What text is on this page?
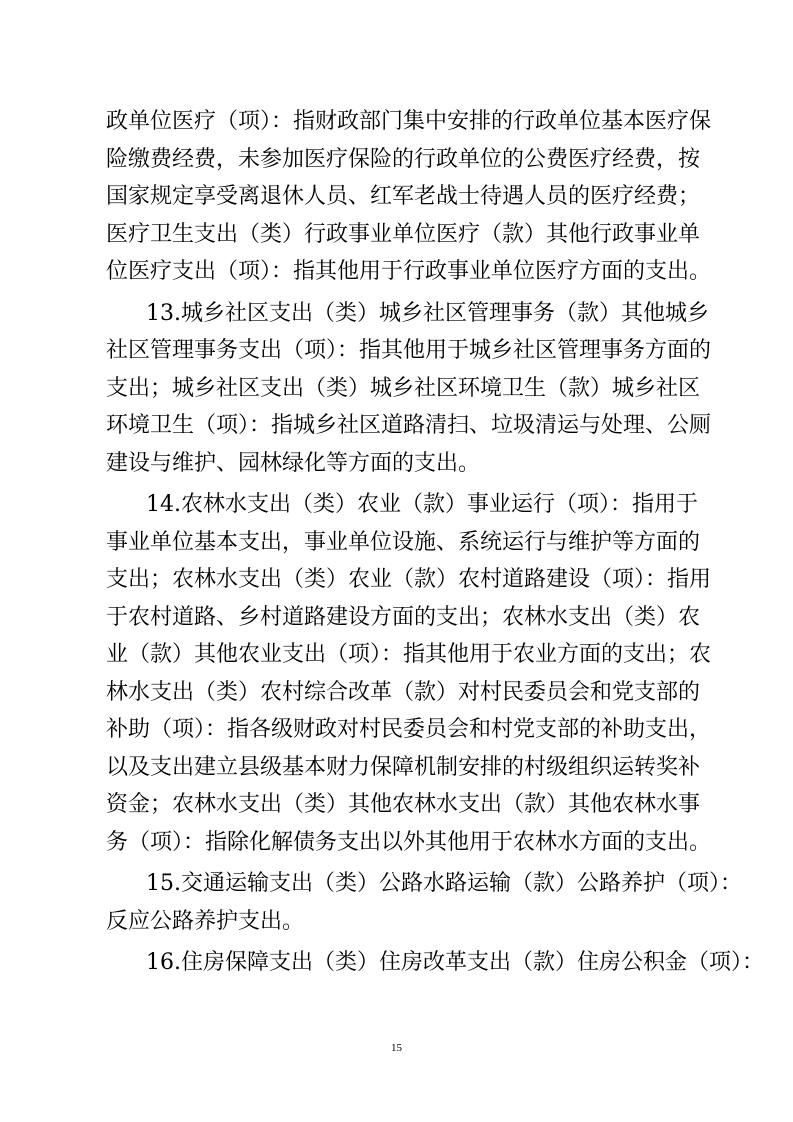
政单位医疗（项）：指财政部门集中安排的行政单位基本医疗保
险缴费经费，未参加医疗保险的行政单位的公费医疗经费，按
国家规定享受离退休人员、红军老战士待遇人员的医疗经费；
医疗卫生支出（类）行政事业单位医疗（款）其他行政事业单
位医疗支出（项）：指其他用于行政事业单位医疗方面的支出。
13.城乡社区支出（类）城乡社区管理事务（款）其他城乡
社区管理事务支出（项）：指其他用于城乡社区管理事务方面的
支出；城乡社区支出（类）城乡社区环境卫生（款）城乡社区
环境卫生（项）：指城乡社区道路清扫、垃圾清运与处理、公厕
建设与维护、园林绿化等方面的支出。
14.农林水支出（类）农业（款）事业运行（项）：指用于
事业单位基本支出，事业单位设施、系统运行与维护等方面的
支出；农林水支出（类）农业（款）农村道路建设（项）：指用
于农村道路、乡村道路建设方面的支出；农林水支出（类）农
业（款）其他农业支出（项）：指其他用于农业方面的支出；农
林水支出（类）农村综合改革（款）对村民委员会和党支部的
补助（项）：指各级财政对村民委员会和村党支部的补助支出，
以及支出建立县级基本财力保障机制安排的村级组织运转奖补
资金；农林水支出（类）其他农林水支出（款）其他农林水事
务（项）：指除化解债务支出以外其他用于农林水方面的支出。
15.交通运输支出（类）公路水路运输（款）公路养护（项）：
反应公路养护支出。
16.住房保障支出（类）住房改革支出（款）住房公积金（项）：
15
